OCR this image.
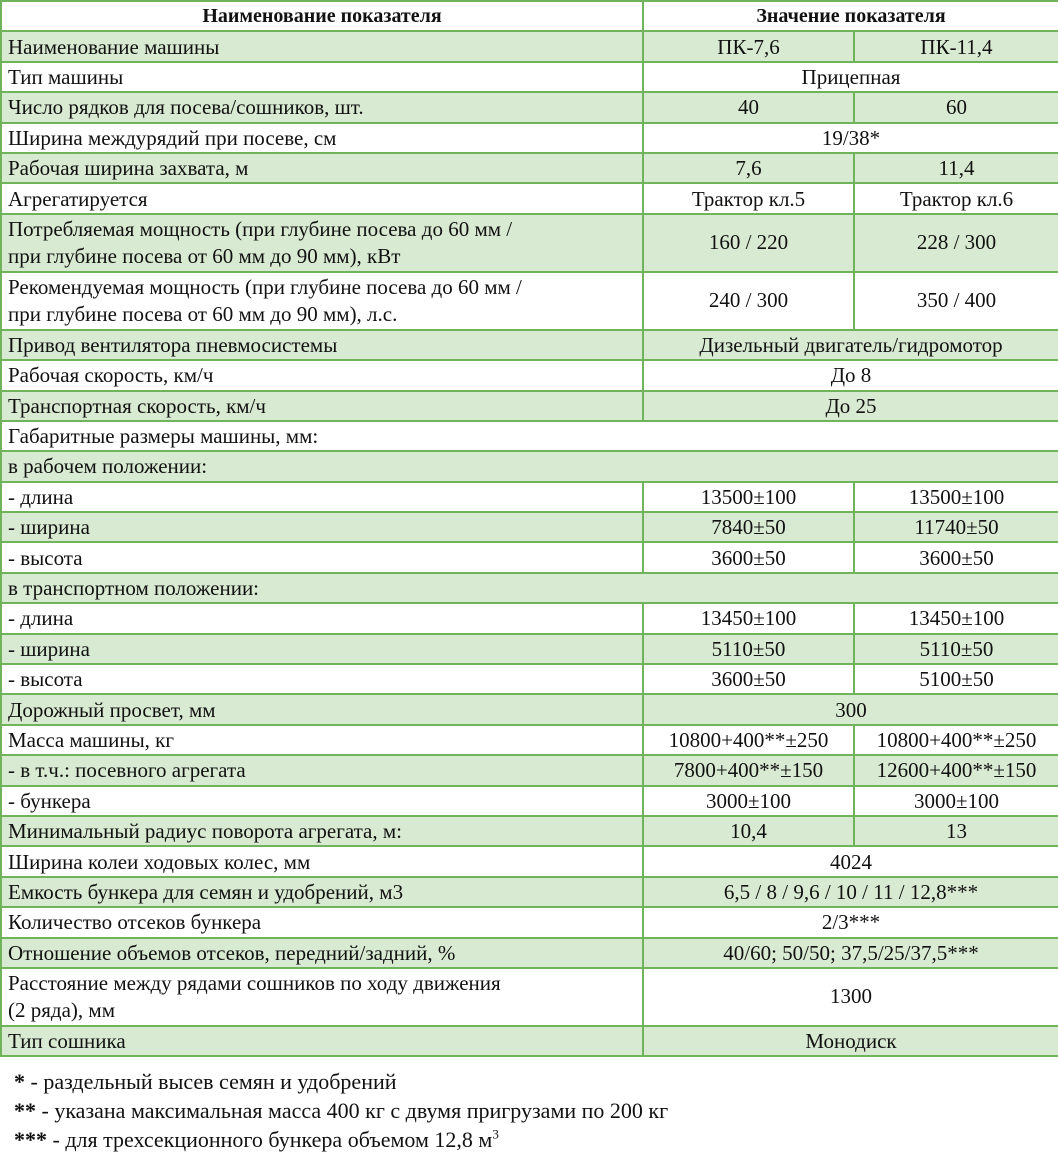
Наименование показателя	Значение показателя	
Наименование машины	ПК-7,6	ПК-11,4
Тип машины	Прицепная	
Число рядков для посева/сошников, шт.	40	60
Ширина междурядий при посеве, см	19/38*	
Рабочая ширина захвата, м	7,6	11,4
Агрегатируется	Трактор кл.5	Трактор кл.6

Потребляемая мощность (при глубине посева до 60 мм /
при глубине посева от 60 мм до 90 мм), кВт	160 / 220	228 / 300

Рекомендуемая мощность (при глубине посева до 60 мм /
при глубине посева от 60 мм до 90 мм), л.с.	240 / 300	350 / 400
Привод вентилятора пневмосистемы	Дизельный двигатель/гидромотор	
Рабочая скорость, км/ч	До 8	
Транспортная скорость, км/ч	До 25	
Габаритные размеры машины, мм:		
в рабочем положении:		
- длина	13500±100	13500±100
- ширина	7840±50	11740±50
- высота	3600±50	3600±50
в транспортном положении:		
- длина	13450±100	13450±100
- ширина	5110±50	5110±50
- высота	3600±50	5100±50
Дорожный просвет, мм	300	
Масса машины, кг	10800+400**±250	10800+400**±250
- в т.ч.: посевного агрегата	7800+400**±150	12600+400**±150
- бункера	3000±100	3000±100
Минимальный радиус поворота агрегата, м:	10,4	13
Ширина колеи ходовых колес, мм	4024	
Емкость бункера для семян и удобрений, м3	6,5 / 8 / 9,6 / 10 / 11 / 12,8***	
Количество отсеков бункера	2/3***	
Отношение объемов отсеков, передний/задний, %	40/60; 50/50; 37,5/25/37,5***	

Расстояние между рядами сошников по ходу движения
(2 ряда), мм	1300	
Тип сошника	Монодиск	
* - раздельный высев семян и удобрений
** - указана максимальная масса 400 кг с двумя пригрузами по 200 кг
*** - для трехсекционного бункера объемом 12,8 $м^3$
